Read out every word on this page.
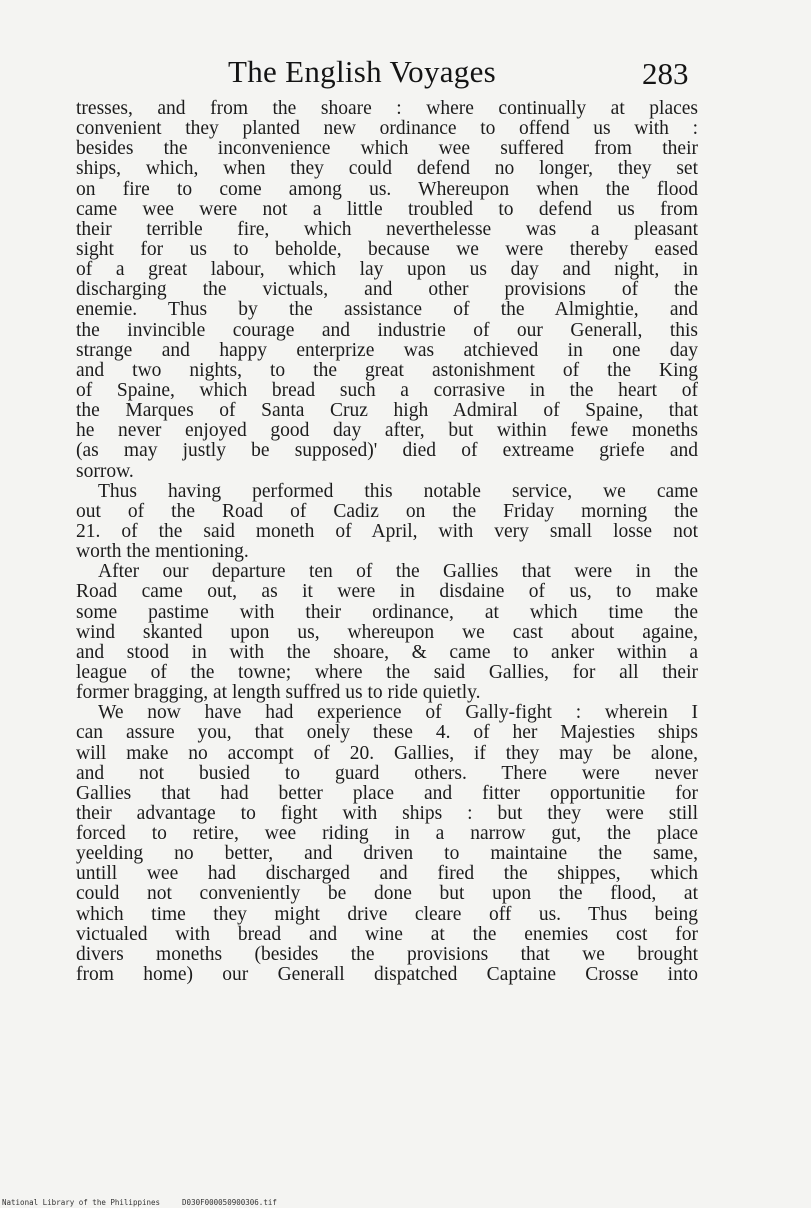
The English Voyages	283
tresses, and from the shoare : where continually at places
convenient they planted new ordinance to offend us with :
besides the inconvenience which wee suffered from their
ships, which, when they could defend no longer, they set
on fire to come among us. Whereupon when the flood
came wee were not a little troubled to defend us from
their terrible fire, which neverthelesse was a pleasant
sight for us to beholde, because we were thereby eased
of a great labour, which lay upon us day and night, in
discharging the victuals, and other provisions of the
enemie. Thus by the assistance of the Almightie, and
the invincible courage and industrie of our Generall, this
strange and happy enterprize was atchieved in one day
and two nights, to the great astonishment of the King
of Spaine, which bread such a corrasive in the heart of
the Marques of Santa Cruz high Admiral of Spaine, that
he never enjoyed good day after, but within fewe moneths
(as may justly be supposed)' died of extreame griefe and
sorrow.
Thus having performed this notable service, we came
out of the Road of Cadiz on the Friday morning the
21. of the said moneth of April, with very small losse not
worth the mentioning.
After our departure ten of the Gallies that were in the
Road came out, as it were in disdaine of us, to make
some pastime with their ordinance, at which time the
wind skanted upon us, whereupon we cast about againe,
and stood in with the shoare, & came to anker within a
league of the towne; where the said Gallies, for all their
former bragging, at length suffred us to ride quietly.
We now have had experience of Gally-fight : wherein I
can assure you, that onely these 4. of her Majesties ships
will make no accompt of 20. Gallies, if they may be alone,
and not busied to guard others. There were never
Gallies that had better place and fitter opportunitie for
their advantage to fight with ships : but they were still
forced to retire, wee riding in a narrow gut, the place
yeelding no better, and driven to maintaine the same,
untill wee had discharged and fired the shippes, which
could not conveniently be done but upon the flood, at
which time they might drive cleare off us. Thus being
victualed with bread and wine at the enemies cost for
divers moneths (besides the provisions that we brought
from home) our Generall dispatched Captaine Crosse into
National Library of the Philippines	D030F000050900306.tif
